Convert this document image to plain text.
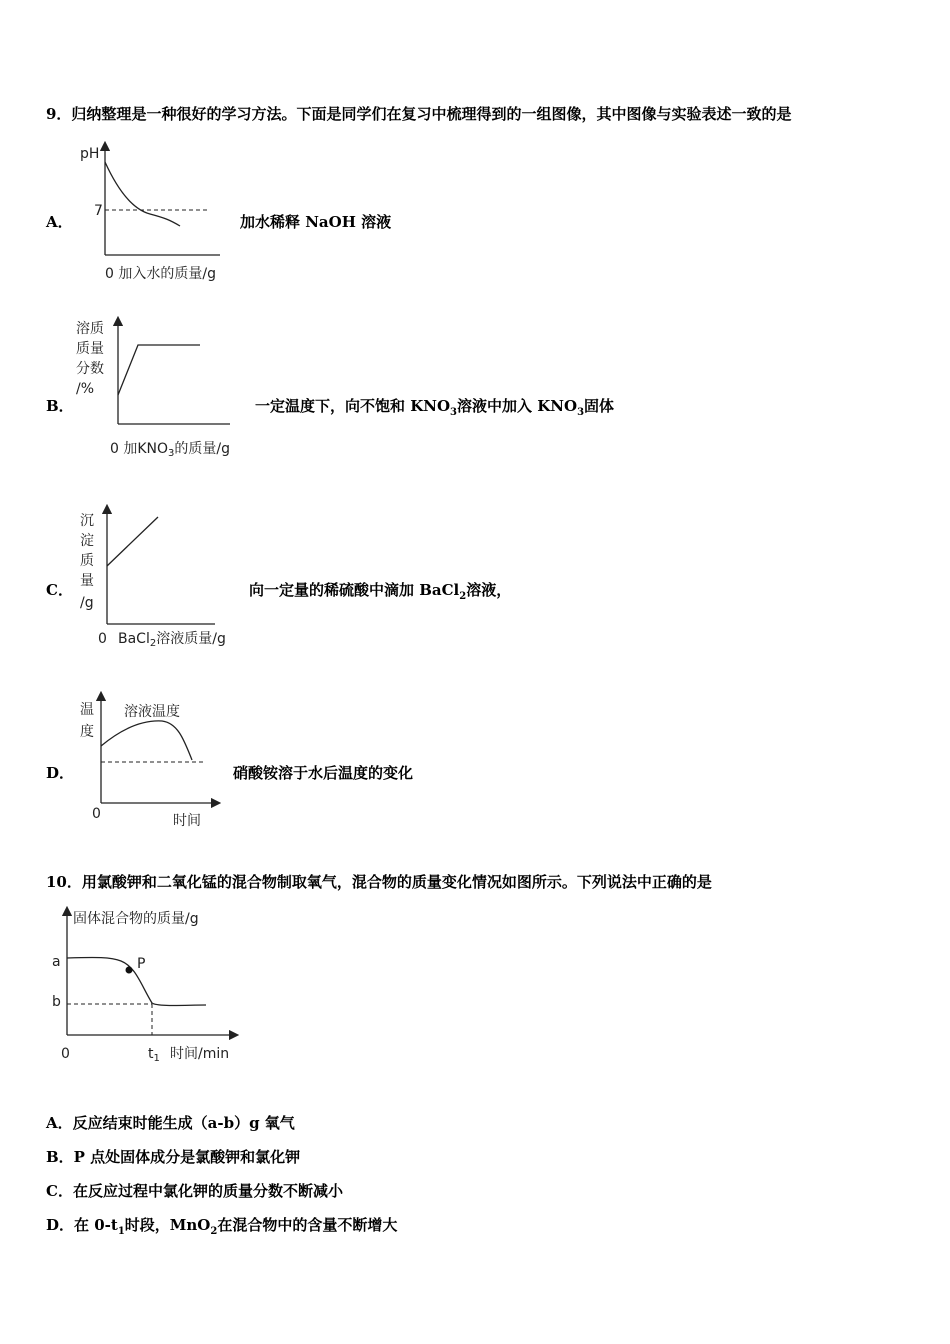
9．归纳整理是一种很好的学习方法。下面是同学们在复习中梳理得到的一组图像，其中图像与实验表述一致的是
pH
7
0 加入水的质量/g
A．	加水稀释 NaOH 溶液
溶质
质量
分数
/%
0 加$KNO_3$的质量/g
B．	一定温度下，向不饱和 $KNO_3$溶液中加入 $KNO_3$固体
沉
淀
质
量
/g
0 BaCl$_2$溶液质量/g
C．	向一定量的稀硫酸中滴加 BaCl$_2$溶液，
温
度
溶液温度
0	时间
D．	硝酸铵溶于水后温度的变化
10．用氯酸钾和二氧化锰的混合物制取氧气，混合物的质量变化情况如图所示。下列说法中正确的是
固体混合物的质量/g
a
b
P
0	$t_1$ 时间/min
A．反应结束时能生成（a-b）g 氧气
B．P 点处固体成分是氯酸钾和氯化钾
C．在反应过程中氯化钾的质量分数不断减小
D．在 $0-t_1$时段，MnO$_2$在混合物中的含量不断增大
